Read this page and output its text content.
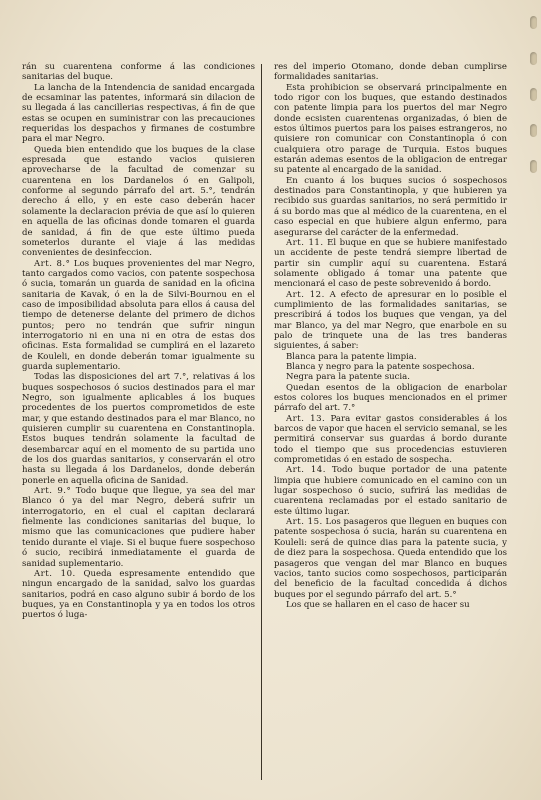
rán su cuarentena conforme á las condiciones sanitarias del buque.

La lancha de la Intendencia de sanidad encargada de ecsaminar las patentes, informará sin dilacion de su llegada á las cancillerias respectivas, á fin de que estas se ocupen en suministrar con las precauciones requeridas los despachos y firmanes de costumbre para el mar Negro.

Queda bien entendido que los buques de la clase espresada que estando vacios quisieren aprovecharse de la facultad de comenzar su cuarentena en los Dardanelos ó en Galipoli, conforme al segundo párrafo del art. 5.°, tendrán derecho á ello, y en este caso deberán hacer solamente la declaracion prévia de que así lo quieren en aquella de las oficinas donde tomaren el guarda de sanidad, á fin de que este último pueda someterlos durante el viaje á las medidas convenientes de desinfeccion.

Art. 8.° Los buques provenientes del mar Negro, tanto cargados como vacios, con patente sospechosa ó sucia, tomarán un guarda de sanidad en la oficina sanitaria de Kavak, ó en la de Silvi-Bournou en el caso de imposibilidad absoluta para ellos á causa del tiempo de detenerse delante del primero de dichos puntos; pero no tendrán que sufrir ningun interrogatorio ni en una ni en otra de estas dos oficinas. Esta formalidad se cumplirá en el lazareto de Kouleli, en donde deberán tomar igualmente su guarda suplementario.

Todas las disposiciones del art 7.°, relativas á los buques sospechosos ó sucios destinados para el mar Negro, son igualmente aplicables á los buques procedentes de los puertos comprometidos de este mar, y que estando destinados para el mar Blanco, no quisieren cumplir su cuarentena en Constantinopla. Estos buques tendrán solamente la facultad de desembarcar aquí en el momento de su partida uno de los dos guardas sanitarios, y conservarán el otro hasta su llegada á los Dardanelos, donde deberán ponerle en aquella oficina de Sanidad.

Art. 9.° Todo buque que llegue, ya sea del mar Blanco ó ya del mar Negro, deberá sufrir un interrogatorio, en el cual el capitan declarará fielmente las condiciones sanitarias del buque, lo mismo que las comunicaciones que pudiere haber tenido durante el viaje. Si el buque fuere sospechoso ó sucio, recibirá inmediatamente el guarda de sanidad suplementario.

Art. 10. Queda espresamente entendido que ningun encargado de la sanidad, salvo los guardas sanitarios, podrá en caso alguno subir á bordo de los buques, ya en Constantinopla y ya en todos los otros puertos ó luga-

res del imperio Otomano, donde deban cumplirse formalidades sanitarias.

Esta prohibicion se observará principalmente en todo rigor con los buques, que estando destinados con patente limpia para los puertos del mar Negro donde ecsisten cuarentenas organizadas, ó bien de estos últimos puertos para los paises estrangeros, no quisiere ron comunicar con Constantinopla ó con cualquiera otro parage de Turquia. Estos buques estarán ademas esentos de la obligacion de entregar su patente al encargado de la sanidad.

En cuanto á los buques sucios ó sospechosos destinados para Constantinopla, y que hubieren ya recibido sus guardas sanitarios, no será permitido ir á su bordo mas que al médico de la cuarentena, en el caso especial en que hubiere algun enfermo, para asegurarse del carácter de la enfermedad.

Art. 11. El buque en que se hubiere manifestado un accidente de peste tendrá siempre libertad de partir sin cumplir aquí su cuarentena. Estará solamente obligado á tomar una patente que mencionará el caso de peste sobrevenido á bordo.

Art. 12. A efecto de apresurar en lo posible el cumplimiento de las formalidades sanitarias, se prescribirá á todos los buques que vengan, ya del mar Blanco, ya del mar Negro, que enarbole en su palo de trinquete una de las tres banderas siguientes, á saber:

Blanca para la patente limpia.

Blanca y negro para la patente sospechosa.

Negra para la patente sucia.

Quedan esentos de la obligacion de enarbolar estos colores los buques mencionados en el primer párrafo del art. 7.°

Art. 13. Para evitar gastos considerables á los barcos de vapor que hacen el servicio semanal, se les permitirá conservar sus guardas á bordo durante todo el tiempo que sus procedencias estuvieren comprometidas ó en estado de sospecha.

Art. 14. Todo buque portador de una patente limpia que hubiere comunicado en el camino con un lugar sospechoso ó sucio, sufrirá las medidas de cuarentena reclamadas por el estado sanitario de este último lugar.

Art. 15. Los pasageros que lleguen en buques con patente sospechosa ó sucia, harán su cuarentena en Kouleli: será de quince dias para la patente sucia, y de diez para la sospechosa. Queda entendido que los pasageros que vengan del mar Blanco en buques vacios, tanto sucios como sospechosos, participarán del beneficio de la facultad concedida á dichos buques por el segundo párrafo del art. 5.°

Los que se hallaren en el caso de hacer su
